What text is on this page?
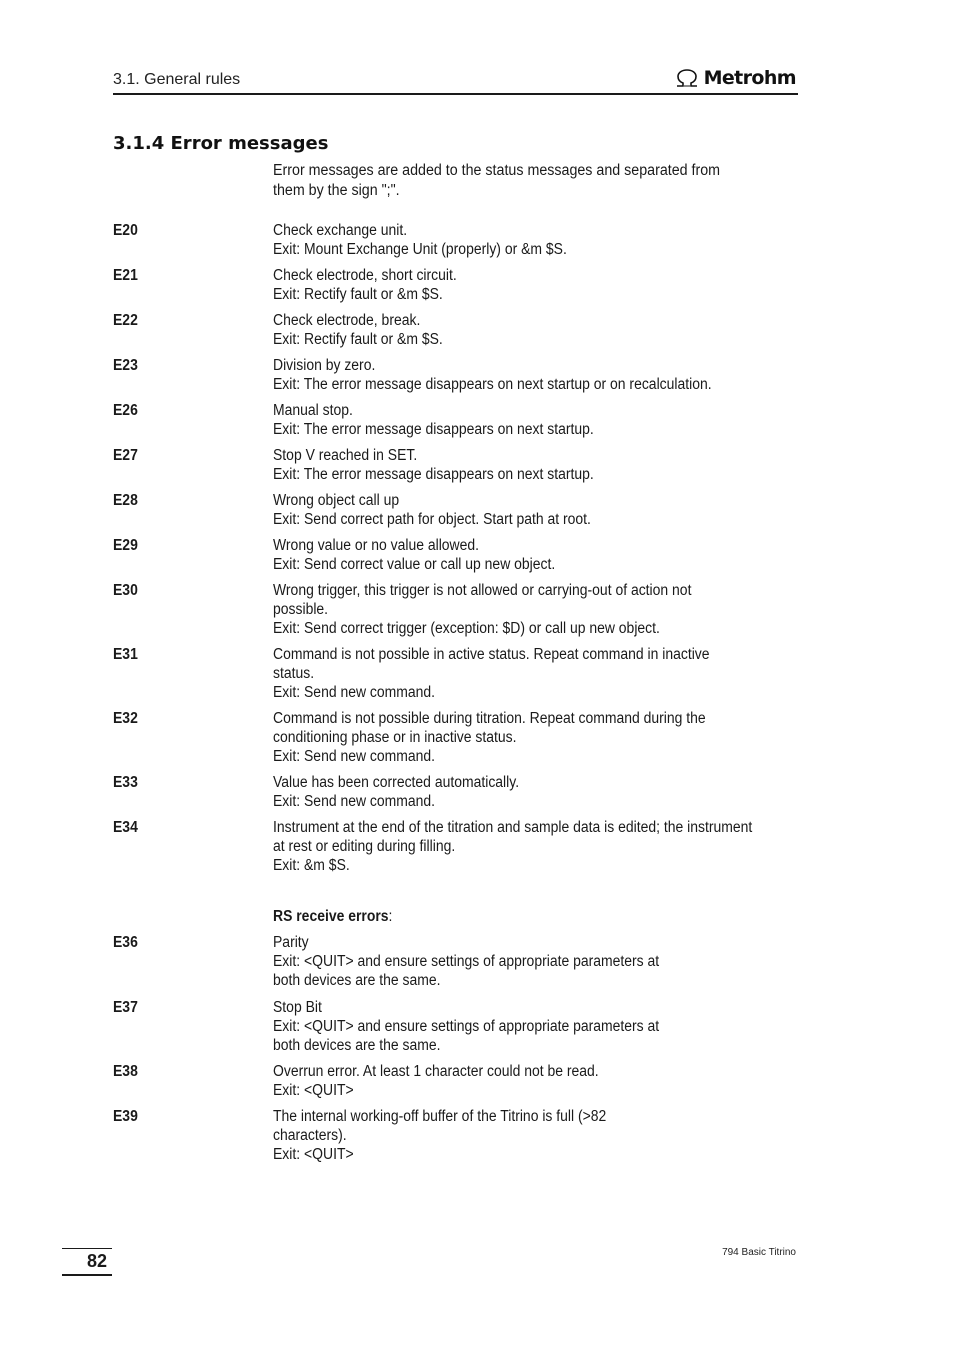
3.1. General rules	Metrohm
3.1.4 Error messages
Error messages are added to the status messages and separated from them by the sign ";".
E20	Check exchange unit.
Exit: Mount Exchange Unit (properly) or &m $S.
E21	Check electrode, short circuit.
Exit: Rectify fault or &m $S.
E22	Check electrode, break.
Exit: Rectify fault or &m $S.
E23	Division by zero.
Exit: The error message disappears on next startup or on recalculation.
E26	Manual stop.
Exit: The error message disappears on next startup.
E27	Stop V reached in SET.
Exit: The error message disappears on next startup.
E28	Wrong object call up
Exit: Send correct path for object. Start path at root.
E29	Wrong value or no value allowed.
Exit: Send correct value or call up new object.
E30	Wrong trigger, this trigger is not allowed or carrying-out of action not
possible.
Exit: Send correct trigger (exception: $D) or call up new object.
E31	Command is not possible in active status. Repeat command in inactive
status.
Exit: Send new command.
E32	Command is not possible during titration. Repeat command during the
conditioning phase or in inactive status.
Exit: Send new command.
E33	Value has been corrected automatically.
Exit: Send new command.
E34	Instrument at the end of the titration and sample data is edited; the instrument
at rest or editing during filling.
Exit: &m $S.
E36	Parity
Exit: <QUIT> and ensure settings of appropriate parameters at
both devices are the same.
E37	Stop Bit
Exit: <QUIT> and ensure settings of appropriate parameters at
both devices are the same.
E38	Overrun error. At least 1 character could not be read.
Exit: <QUIT>
E39	The internal working-off buffer of the Titrino is full (>82
characters).
Exit: <QUIT>
RS receive errors:
82	794 Basic Titrino
